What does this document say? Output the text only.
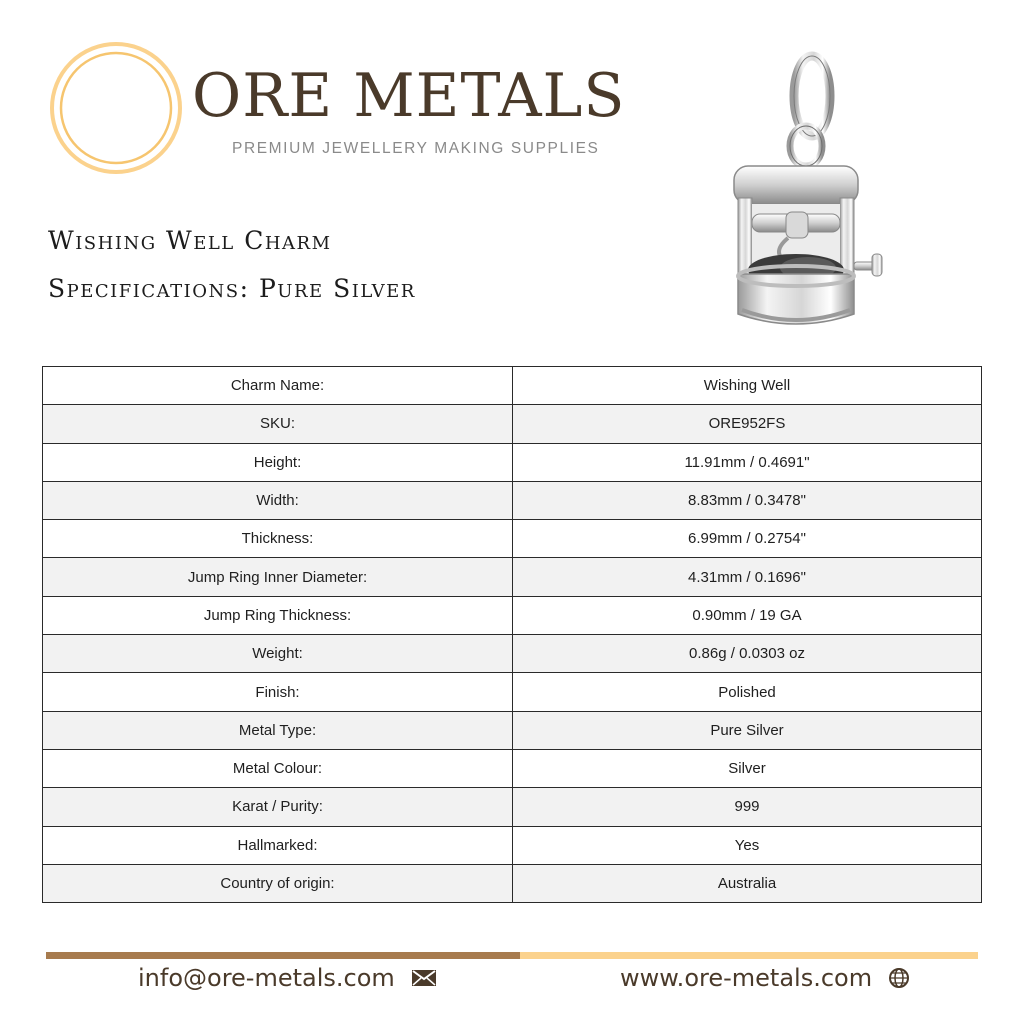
ORE METALS
PREMIUM JEWELLERY MAKING SUPPLIES
Wishing Well Charm
Specifications: Pure Silver
Charm Name:	Wishing Well
SKU:	ORE952FS
Height:	11.91mm / 0.4691"
Width:	8.83mm / 0.3478"
Thickness:	6.99mm / 0.2754"
Jump Ring Inner Diameter:	4.31mm / 0.1696"
Jump Ring Thickness:	0.90mm / 19 GA
Weight:	0.86g / 0.0303 oz
Finish:	Polished
Metal Type:	Pure Silver
Metal Colour:	Silver
Karat / Purity:	999
Hallmarked:	Yes
Country of origin:	Australia
info@ore-metals.com	www.ore-metals.com
